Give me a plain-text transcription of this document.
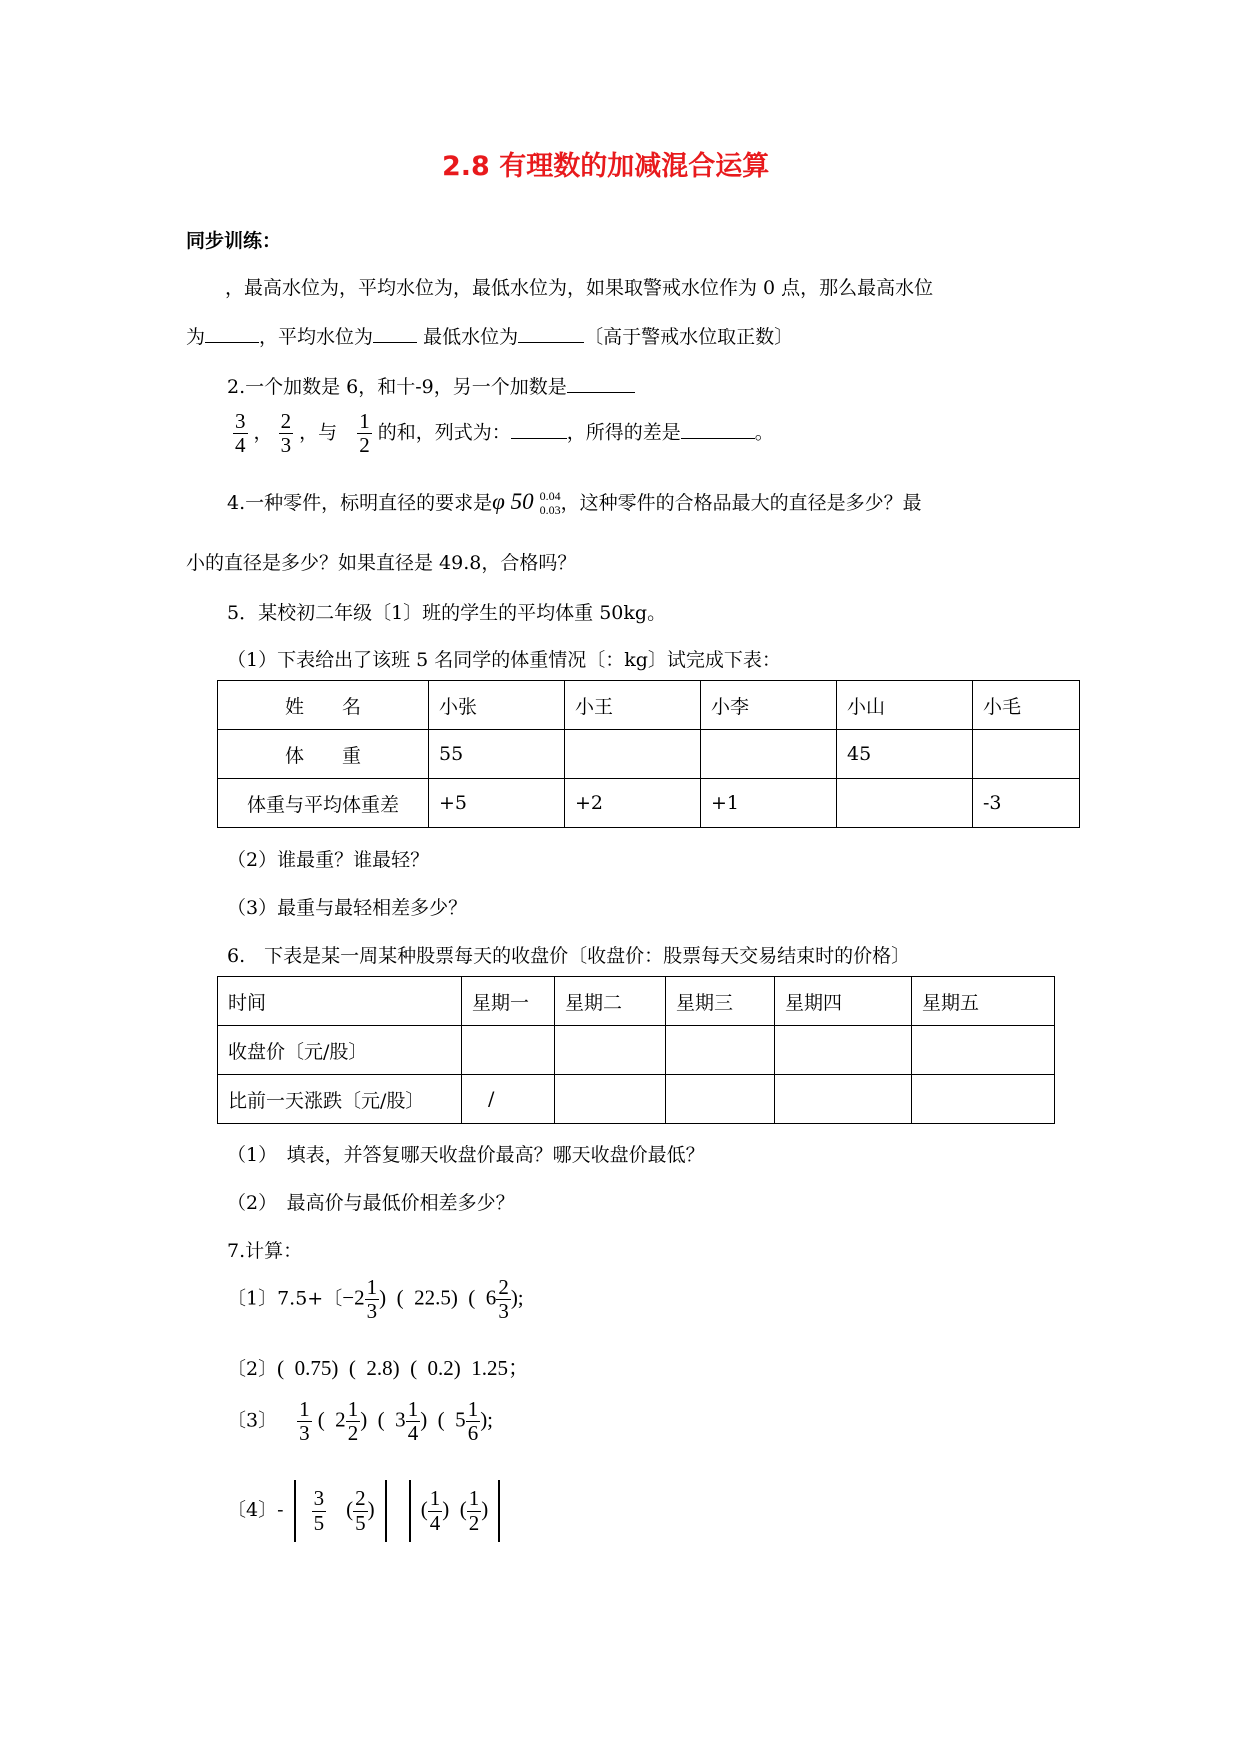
2.8 有理数的加减混合运算
同步训练：
，最高水位为，平均水位为，最低水位为，如果取警戒水位作为 0 点，那么最高水位
为	，平均水位为 最低水位为	〔高于警戒水位取正数〕
2.一个加数是 6，和十-9，另一个加数是
$\frac{3}{4}$ ， $\frac{2}{3}$ ，与 $\frac{1}{2}$ 的和，列式为：	，所得的差是	。
4.一种零件，标明直径的要求是φ 50 0.04
0.03 ，这种零件的合格品最大的直径是多少？最
小的直径是多少？如果直径是 49.8，合格吗？
5．某校初二年级〔1〕班的学生的平均体重 50kg。
（1）下表给出了该班 5 名同学的体重情况〔：kg〕试完成下表：
姓　　名	小张	小王	小李	小山	小毛
体　　重	55			45	
体重与平均体重差	+5	+2	+1		-3
（2）谁最重？谁最轻？
（3）最重与最轻相差多少？
6.　下表是某一周某种股票每天的收盘价〔收盘价：股票每天交易结束时的价格〕
时间	星期一	星期二	星期三	星期四	星期五
收盘价〔元/股〕					
比前一天涨跌〔元/股〕	/				
（1）　填表，并答复哪天收盘价最高？哪天收盘价最低？
（2）　最高价与最低价相差多少？
7.计算：
〔1〕7.5+〔$-2 \frac{1}{3}$ )  (  22.5)  (  $6 \frac{2}{3}$ );
〔2〕(  0.75)  (  2.8)  (  0.2)  1.25；
〔3〕 $\frac{1}{3}$ (  $2 \frac{1}{2}$ )  (  $3 \frac{1}{4}$ )  (  $5 \frac{1}{6}$ );
〔4〕- $\frac{3}{5}$ ( $\frac{2}{5}$ ) ( $\frac{1}{4}$ )  ( $\frac{1}{2}$ )
